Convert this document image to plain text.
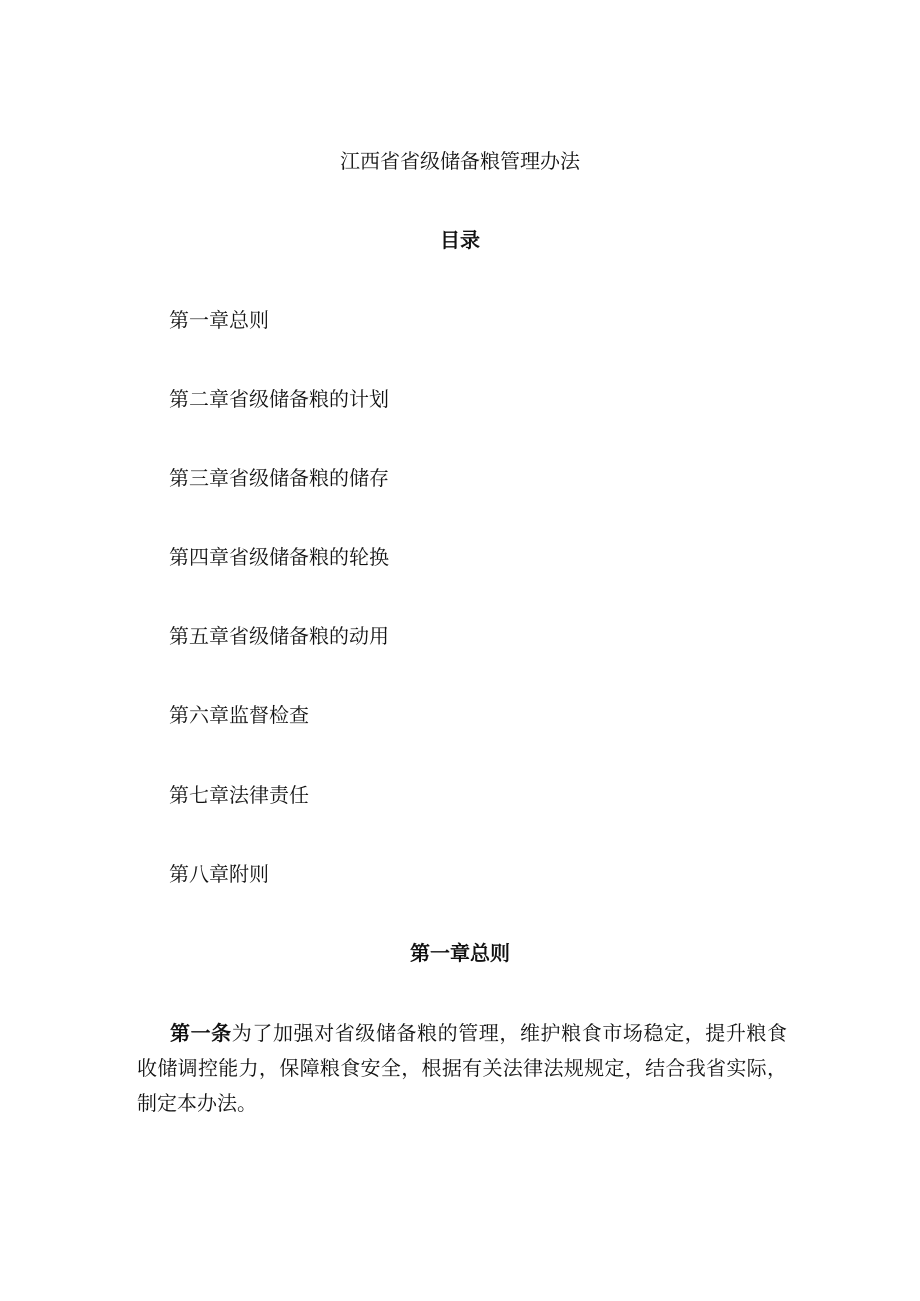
江西省省级储备粮管理办法
目录
第一章总则
第二章省级储备粮的计划
第三章省级储备粮的储存
第四章省级储备粮的轮换
第五章省级储备粮的动用
第六章监督检查
第七章法律责任
第八章附则
第一章总则

第一条为了加强对省级储备粮的管理，维护粮食市场稳定，提升粮食收储调控能力，保障粮食安全，根据有关法律法规规定，结合我省实际，制定本办法。
